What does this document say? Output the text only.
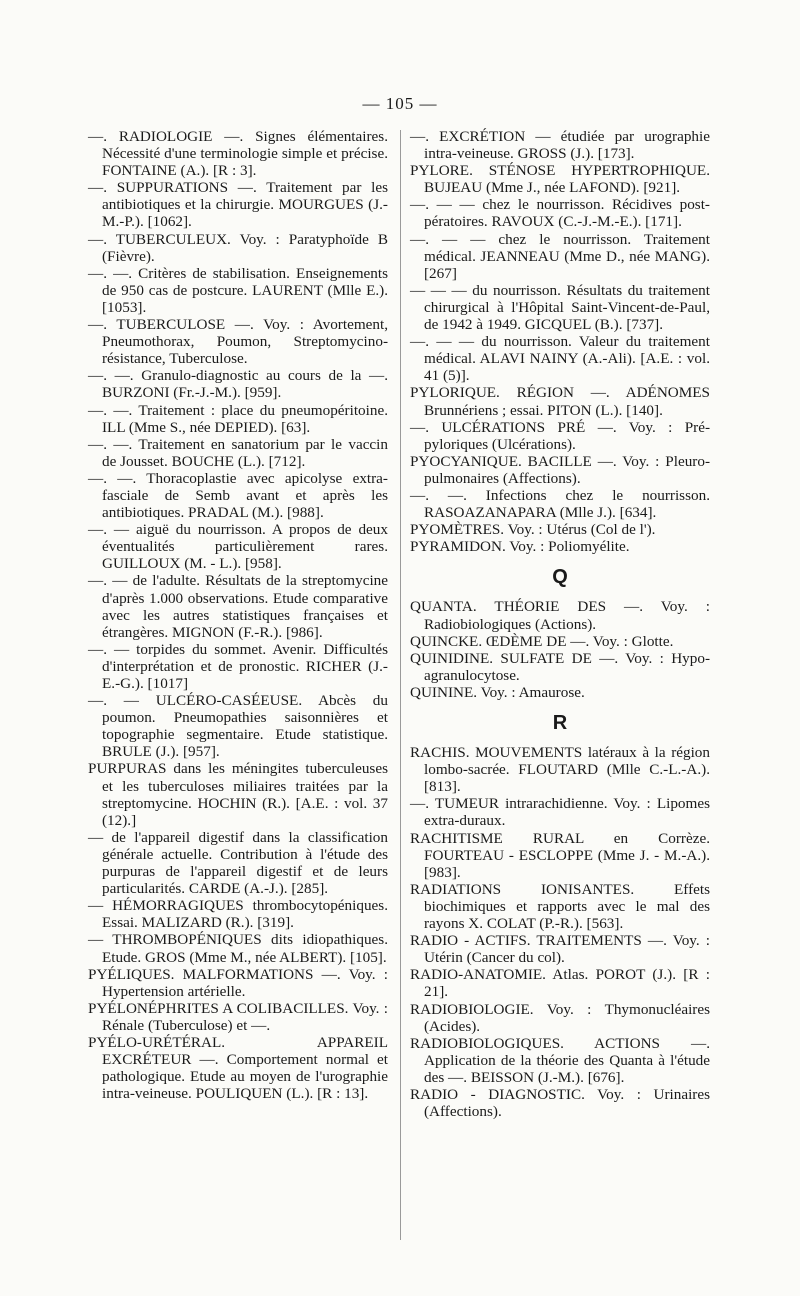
— 105 —

—. RADIOLOGIE —. Signes élémentaires. Nécessité d'une terminologie simple et précise. FONTAINE (A.). [R : 3].

—. SUPPURATIONS —. Traitement par les antibiotiques et la chirurgie. MOURGUES (J.-M.-P.). [1062].

—. TUBERCULEUX. Voy. : Paratyphoïde B (Fièvre).

—. —. Critères de stabilisation. Enseignements de 950 cas de postcure. LAURENT (Mlle E.). [1053].

—. TUBERCULOSE —. Voy. : Avortement, Pneumothorax, Poumon, Streptomycino-résistance, Tuberculose.

—. —. Granulo-diagnostic au cours de la —. BURZONI (Fr.-J.-M.). [959].

—. —. Traitement : place du pneumopéritoine. ILL (Mme S., née DEPIED). [63].

—. —. Traitement en sanatorium par le vaccin de Jousset. BOUCHE (L.). [712].

—. —. Thoracoplastie avec apicolyse extra-fasciale de Semb avant et après les antibiotiques. PRADAL (M.). [988].

—. — aiguë du nourrisson. A propos de deux éventualités particulièrement rares. GUILLOUX (M. - L.). [958].

—. — de l'adulte. Résultats de la streptomycine d'après 1.000 observations. Etude comparative avec les autres statistiques françaises et étrangères. MIGNON (F.-R.). [986].

—. — torpides du sommet. Avenir. Difficultés d'interprétation et de pronostic. RICHER (J.-E.-G.). [1017]

—. — ULCÉRO-CASÉEUSE. Abcès du poumon. Pneumopathies saisonnières et topographie segmentaire. Etude statistique. BRULE (J.). [957].

PURPURAS dans les méningites tuberculeuses et les tuberculoses miliaires traitées par la streptomycine. HOCHIN (R.). [A.E. : vol. 37 (12).]

— de l'appareil digestif dans la classification générale actuelle. Contribution à l'étude des purpuras de l'appareil digestif et de leurs particularités. CARDE (A.-J.). [285].

— HÉMORRAGIQUES thrombocytopéniques. Essai. MALIZARD (R.). [319].

— THROMBOPÉNIQUES dits idiopathiques. Etude. GROS (Mme M., née ALBERT). [105].

PYÉLIQUES. MALFORMATIONS —. Voy. : Hypertension artérielle.

PYÉLONÉPHRITES A COLIBACILLES. Voy. : Rénale (Tuberculose) et —.

PYÉLO-URÉTÉRAL. APPAREIL EXCRÉTEUR —. Comportement normal et pathologique. Etude au moyen de l'urographie intra-veineuse. POULIQUEN (L.). [R : 13].

—. EXCRÉTION — étudiée par urographie intra-veineuse. GROSS (J.). [173].

PYLORE. STÉNOSE HYPERTROPHIQUE. BUJEAU (Mme J., née LAFOND). [921].

—. — — chez le nourrisson. Récidives post-pératoires. RAVOUX (C.-J.-M.-E.). [171].

—. — — chez le nourrisson. Traitement médical. JEANNEAU (Mme D., née MANG). [267]

— — — du nourrisson. Résultats du traitement chirurgical à l'Hôpital Saint-Vincent-de-Paul, de 1942 à 1949. GICQUEL (B.). [737].

—. — — du nourrisson. Valeur du traitement médical. ALAVI NAINY (A.-Ali). [A.E. : vol. 41 (5)].

PYLORIQUE. RÉGION —. ADÉNOMES Brunnériens ; essai. PITON (L.). [140].

—. ULCÉRATIONS PRÉ —. Voy. : Pré-pyloriques (Ulcérations).

PYOCYANIQUE. BACILLE —. Voy. : Pleuro-pulmonaires (Affections).

—. —. Infections chez le nourrisson. RASOAZANAPARA (Mlle J.). [634].

PYOMÈTRES. Voy. : Utérus (Col de l').

PYRAMIDON. Voy. : Poliomyélite.

Q

QUANTA. THÉORIE DES —. Voy. : Radiobiologiques (Actions).

QUINCKE. ŒDÈME DE —. Voy. : Glotte.

QUINIDINE. SULFATE DE —. Voy. : Hypo-agranulocytose.

QUININE. Voy. : Amaurose.

R

RACHIS. MOUVEMENTS latéraux à la région lombo-sacrée. FLOUTARD (Mlle C.-L.-A.). [813].

—. TUMEUR intrarachidienne. Voy. : Lipomes extra-duraux.

RACHITISME RURAL en Corrèze. FOURTEAU - ESCLOPPE (Mme J. - M.-A.). [983].

RADIATIONS IONISANTES. Effets biochimiques et rapports avec le mal des rayons X. COLAT (P.-R.). [563].

RADIO - ACTIFS. TRAITEMENTS —. Voy. : Utérin (Cancer du col).

RADIO-ANATOMIE. Atlas. POROT (J.). [R : 21].

RADIOBIOLOGIE. Voy. : Thymonucléaires (Acides).

RADIOBIOLOGIQUES. ACTIONS —. Application de la théorie des Quanta à l'étude des —. BEISSON (J.-M.). [676].

RADIO - DIAGNOSTIC. Voy. : Urinaires (Affections).
